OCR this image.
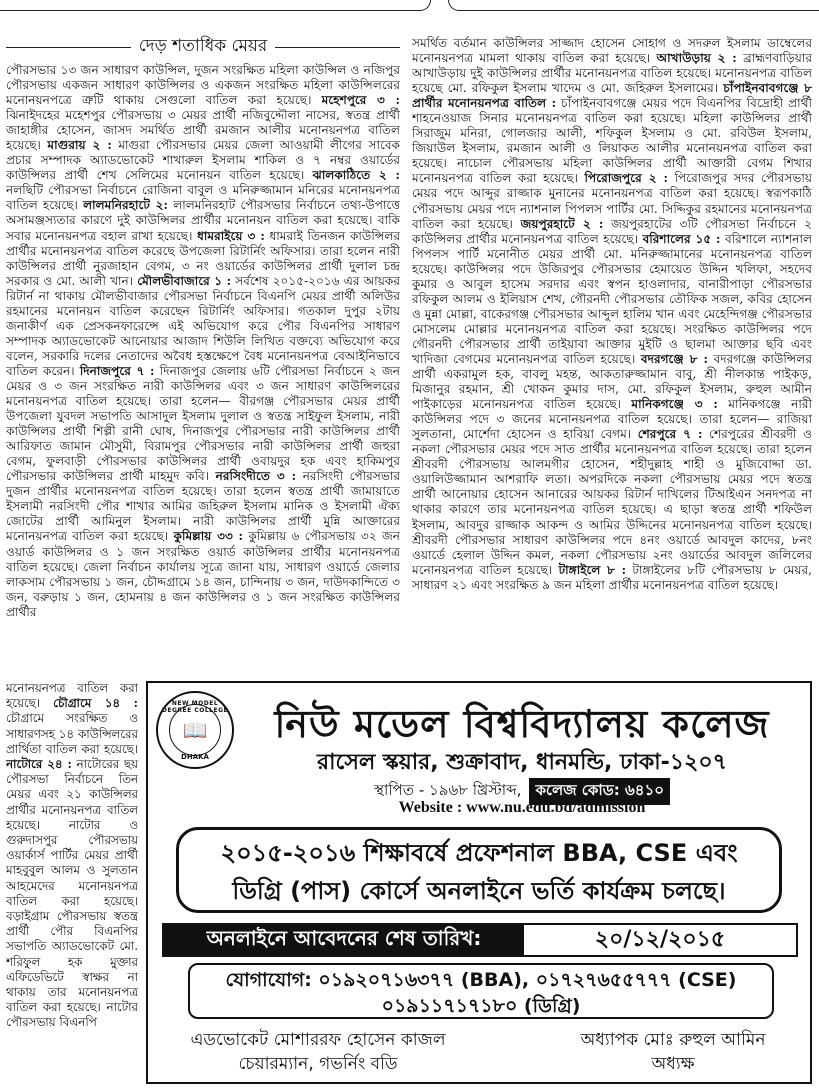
দেড় শতাধিক মেয়র

পৌরসভার ১৩ জন সাধারণ কাউন্সিল, দুজন সংরক্ষিত মহিলা কাউন্সিল ও নজিপুর পৌরসভায় একজন সাধারণ কাউন্সিলর ও একজন সংরক্ষিত মহিলা কাউন্সিলরের মনোনয়নপত্রে ত্রুটি থাকায় সেগুলো বাতিল করা হয়েছে। মহেশপুরে ৩ : ঝিনাইদহের মহেশপুর পৌরসভায় ৩ মেয়র প্রার্থী নজিবুদ্দৌলা নাসের, স্বতন্ত্র প্রার্থী জাহাঙ্গীর হোসেন, জাসদ সমর্থিত প্রার্থী রমজান আলীর মনোনয়নপত্র বাতিল হয়েছে। মাগুরায় ২ : মাগুরা পৌরসভার মেয়র জেলা আওয়ামী লীগের সাবেক প্রচার সম্পাদক অ্যাডভোকেট শাখারুল ইসলাম শাকিল ও ৭ নম্বর ওয়ার্ডের কাউন্সিলর প্রার্থী শেখ সেলিমের মনোনয়ন বাতিল হয়েছে। ঝালকাঠিতে ২ : নলছিটি পৌরসভা নির্বাচনে রোজিনা বাবুল ও মনিরুজ্জামান মনিরের মনোনয়নপত্র বাতিল হয়েছে। লালমনিরহাটে ২: লালমনিরহাট পৌরসভার নির্বাচনে তথ্য-উপাত্তে অসামঞ্জস্যতার কারণে দুই কাউন্সিলর প্রার্থীর মনোনয়ন বাতিল করা হয়েছে। বাকি সবার মনোনয়নপত্র বহাল রাখা হয়েছে। ধামরাইয়ে ৩ : ধামরাই তিনজন কাউন্সিলর প্রার্থীর মনোনয়নপত্র বাতিল করেছে উপজেলা রিটার্নিং অফিসার। তারা হলেন নারী কাউন্সিলর প্রার্থী নুরজাহান বেগম, ৩ নং ওয়ার্ডের কাউন্সিলর প্রার্থী দুলাল চন্দ্র সরকার ও মো. আলী খান। মৌলভীবাজারে ১ : সর্বশেষ ২০১৫-২০১৬ এর আয়কর রিটার্ন না থাকায় মৌলভীবাজার পৌরসভা নির্বাচনে বিএনপি মেয়র প্রার্থী অলিউর রহমানের মনোনয়ন বাতিল করেছেন রিটার্নিং অফিসার। গতকাল দুপুর ২টায় জনাকীর্ণ এক প্রেসকনফারেন্সে এই অভিযোগ করে পৌর বিএনপির সাধারণ সম্পাদক অ্যাডভোকেট আনোয়ার আজাদ শিউলি লিখিত বক্তব্যে অভিযোগ করে বলেন, সরকারি দলের নেতাদের অবৈধ হস্তক্ষেপে বৈধ মনোনয়নপত্র বেআইনিভাবে বাতিল করেন। দিনাজপুরে ৭ : দিনাজপুর জেলায় ৬টি পৌরসভা নির্বাচনে ২ জন মেয়র ও ৩ জন সংরক্ষিত নারী কাউন্সিলর এবং ৩ জন সাধারণ কাউন্সিলরের মনোনয়নপত্র বাতিল হয়েছে। তারা হলেন— বীরগঞ্জ পৌরসভার মেয়র প্রার্থী উপজেলা যুবদল সভাপতি আসাদুল ইসলাম দুলাল ও স্বতন্ত্র সাইফুল ইসলাম, নারী কাউন্সিলর প্রার্থী শিল্পী রানী ঘোষ, দিনাজপুর পৌরসভার নারী কাউন্সিলর প্রার্থী আরিফাত জামান মৌসুমী, বিরামপুর পৌরসভার নারী কাউন্সিলর প্রার্থী জহুরা বেগম, ফুলবাড়ী পৌরসভার কাউন্সিলর প্রার্থী ওবায়দুর হক এবং হাকিমপুর পৌরসভার কাউন্সিলর প্রার্থী মাহমুদ কবি। নরসিংদীতে ৩ : নরসিংদী পৌরসভার দুজন প্রার্থীর মনোনয়নপত্র বাতিল হয়েছে। তারা হলেন স্বতন্ত্র প্রার্থী জামায়াতে ইসলামী নরসিংদী পৌর শাখার আমির জহিরুল ইসলাম মানিক ও ইসলামী ঐক্য জোটের প্রার্থী আমিনুল ইসলাম। নারী কাউন্সিলর প্রার্থী মুন্নি আক্তারের মনোনয়নপত্র বাতিল করা হয়েছে। কুমিল্লায় ৩৩ : কুমিল্লায় ৬ পৌরসভায় ৩২ জন ওয়ার্ড কাউন্সিলর ও ১ জন সংরক্ষিত ওয়ার্ড কাউন্সিলর প্রার্থীর মনোনয়নপত্র বাতিল হয়েছে। জেলা নির্বাচন কার্যালয় সূত্রে জানা যায়, সাধারণ ওয়ার্ডে জেলার লাকসাম পৌরসভায় ১ জন, চৌদ্দগ্রামে ১৪ জন, চান্দিনায় ৩ জন, দাউদকান্দিতে ৩ জন, বরুড়ায় ১ জন, হোমনায় ৪ জন কাউন্সিলর ও ১ জন সংরক্ষিত কাউন্সিলর প্রার্থীর

সমর্থিত বর্তমান কাউন্সিলর সাজ্জাদ হোসেন সোহাগ ও সদরুল ইসলাম ডাম্বেলের মনোনয়নপত্র মামলা থাকায় বাতিল করা হয়েছে। আখাউড়ায় ২ : ব্রাহ্মণবাড়িয়ার আখাউড়ায় দুই কাউন্সিলর প্রার্থীর মনোনয়নপত্র বাতিল হয়েছে। মনোনয়নপত্র বাতিল হয়েছে মো. রফিকুল ইসলাম খাদেম ও মো. জহিরুল ইসলামের। চাঁপাইনবাবগঞ্জে ৮ প্রার্থীর মনোনয়নপত্র বাতিল : চাঁপাইনবাবগঞ্জে মেয়র পদে বিএনপির বিদ্রোহী প্রার্থী শাহনেওয়াজ সিনার মনোনয়নপত্র বাতিল করা হয়েছে। মহিলা কাউন্সিলর প্রার্থী সিরাজুম মনিরা, গোলজার আলী, শফিকুল ইসলাম ও মো. রবিউল ইসলাম, জিয়াউল ইসলাম, রমজান আলী ও লিয়াকত আলীর মনোনয়নপত্র বাতিল করা হয়েছে। নাচোল পৌরসভায় মহিলা কাউন্সিলর প্রার্থী আক্তারী বেগম শিখার মনোনয়নপত্র বাতিল করা হয়েছে। পিরোজপুরে ২ : পিরোজপুর সদর পৌরসভায় মেয়র পদে আব্দুর রাজ্জাক মুনানের মনোনয়নপত্র বাতিল করা হয়েছে। স্বরূপকাঠি পৌরসভায় মেয়র পদে ন্যাশনাল পিপলস পার্টির মো. সিদ্দিকুর রহমানের মনোনয়নপত্র বাতিল করা হয়েছে। জয়পুরহাটে ২ : জয়পুরহাটের ৩টি পৌরসভা নির্বাচনে ২ কাউন্সিলর প্রার্থীর মনোনয়নপত্র বাতিল হয়েছে। বরিশালের ১৫ : বরিশালে ন্যাশনাল পিপলস পার্টি মনোনীত মেয়র প্রার্থী মো. মনিরুজ্জামানের মনোনয়নপত্র বাতিল হয়েছে। কাউন্সিলর পদে উজিরপুর পৌরসভার হেমায়েত উদ্দিন খলিফা, সহদেব কুমার ও আবুল হাসেম সরদার এবং স্বপন হাওলাদার, বানারীপাড়া পৌরসভার রফিকুল আলম ও ইলিয়াস শেখ, গৌরনদী পৌরসভার তৌফিক সজল, কবির হোসেন ও মুন্না মোল্লা, বাকেরগঞ্জ পৌরসভার আব্দুল হালিম খান এবং মেহেন্দিগঞ্জ পৌরসভার মোসলেম মোল্লার মনোনয়নপত্র বাতিল করা হয়েছে। সংরক্ষিত কাউন্সিলর পদে গৌরনদী পৌরসভার প্রার্থী তাইয়াবা আক্তার মুইটি ও ছালমা আক্তার ছবি এবং খাদিজা বেগমের মনোনয়নপত্র বাতিল হয়েছে। বদরগঞ্জে ৮ : বদরগঞ্জে কাউন্সিলর প্রার্থী একরামুল হক, বাবলু মহন্ত, আকতারুজ্জামান বাবু, শ্রী নীলকান্ত পাইকড়, মিজানুর রহমান, শ্রী খোকন কুমার দাস, মো. রফিকুল ইসলাম, রুহুল আমীন পাইকাড়ের মনোনয়নপত্র বাতিল হয়েছে। মানিকগঞ্জে ৩ : মানিকগঞ্জে নারী কাউন্সিলর পদে ৩ জনের মনোনয়নপত্র বাতিল হয়েছে। তারা হলেন— রাজিয়া সুলতানা, মোর্শেদা হোসেন ও হাবিয়া বেগম। শেরপুরে ৭ : শেরপুরের শ্রীবরদী ও নকলা পৌরসভার মেয়র পদে সাত প্রার্থীর মনোনয়নপত্র বাতিল হয়েছে। তারা হলেন শ্রীবরদী পৌরসভায় আলমগীর হোসেন, শহীদুল্লাহ শাহী ও মুজিবোদ্দা ডা. ওয়ালিউজ্জামান আশরাফি লতা। অপরদিকে নকলা পৌরসভায় মেয়র পদে স্বতন্ত্র প্রার্থী আনোয়ার হোসেন আনারের আয়কর রিটার্ন দাখিলের টিআইএন সনদপত্র না থাকার কারণে তার মনোনয়নপত্র বাতিল হয়েছে। এ ছাড়া স্বতন্ত্র প্রার্থী শফিউল ইসলাম, আবদুর রাজ্জাক আকন্দ ও আমির উদ্দিনের মনোনয়নপত্র বাতিল হয়েছে। শ্রীবরদী পৌরসভার সাধারণ কাউন্সিলর পদে ৪নং ওয়ার্ডে আবদুল কাদের, ৮নং ওয়ার্ডে হেলাল উদ্দিন কমল, নকলা পৌরসভায় ২নং ওয়ার্ডের আবদুল জলিলের মনোনয়নপত্র বাতিল হয়েছে। টাঙ্গাইলে ৮ : টাঙ্গাইলের ৮টি পৌরসভায় ৮ মেয়র, সাধারণ ২১ এবং সংরক্ষিত ৯ জন মহিলা প্রার্থীর মনোনয়নপত্র বাতিল হয়েছে।

মনোনয়নপত্র বাতিল করা হয়েছে। চৌগ্রামে ১৪ : চৌগ্রামে সংরক্ষিত ও সাধারণসহ ১৪ কাউন্সিলরের প্রার্থিতা বাতিল করা হয়েছে। নাটোরে ২৪ : নাটোরের ছয় পৌরসভা নির্বাচনে তিন মেয়র এবং ২১ কাউন্সিলর প্রার্থীর মনোনয়নপত্র বাতিল হয়েছে। নাটোর ও গুরুদাসপুর পৌরসভায় ওয়ার্কার্স পার্টির মেয়র প্রার্থী মাহবুবুল আলম ও সুলতান আহমেদের মনোনয়নপত্র বাতিল করা হয়েছে। বড়াইগ্রাম পৌরসভায় স্বতন্ত্র প্রার্থী পৌর বিএনপির সভাপতি অ্যাডভোকেট মো. শরিফুল হক মুক্তার এফিডেভিটে স্বাক্ষর না থাকায় তার মনোনয়নপত্র বাতিল করা হয়েছে। নাটোর পৌরসভায় বিএনপি

NEW MODEL DEGREE COLLEGE
📖
DHAKA
নিউ মডেল বিশ্ববিদ্যালয় কলেজ
রাসেল স্কয়ার, শুক্রাবাদ, ধানমন্ডি, ঢাকা-১২০৭
স্থাপিত - ১৯৬৮ খ্রিস্টাব্দ, কলেজ কোড: ৬৪১০
Website : www.nu.edu.bd/admission
২০১৫-২০১৬ শিক্ষাবর্ষে প্রফেশনাল BBA, CSE এবং
ডিগ্রি (পাস) কোর্সে অনলাইনে ভর্তি কার্যক্রম চলছে।
অনলাইনে আবেদনের শেষ তারিখ:	২০/১২/২০১৫
যোগাযোগ: ০১৯২০৭১৬৩৭৭ (BBA), ০১৭২৭৬৫৫৭৭৭ (CSE)
০১৯১১৭১৭১৮০ (ডিগ্রি)
এডভোকেট মোশাররফ হোসেন কাজল
চেয়ারম্যান, গভর্নিং বডি
অধ্যাপক মোঃ রুহুল আমিন
অধ্যক্ষ
